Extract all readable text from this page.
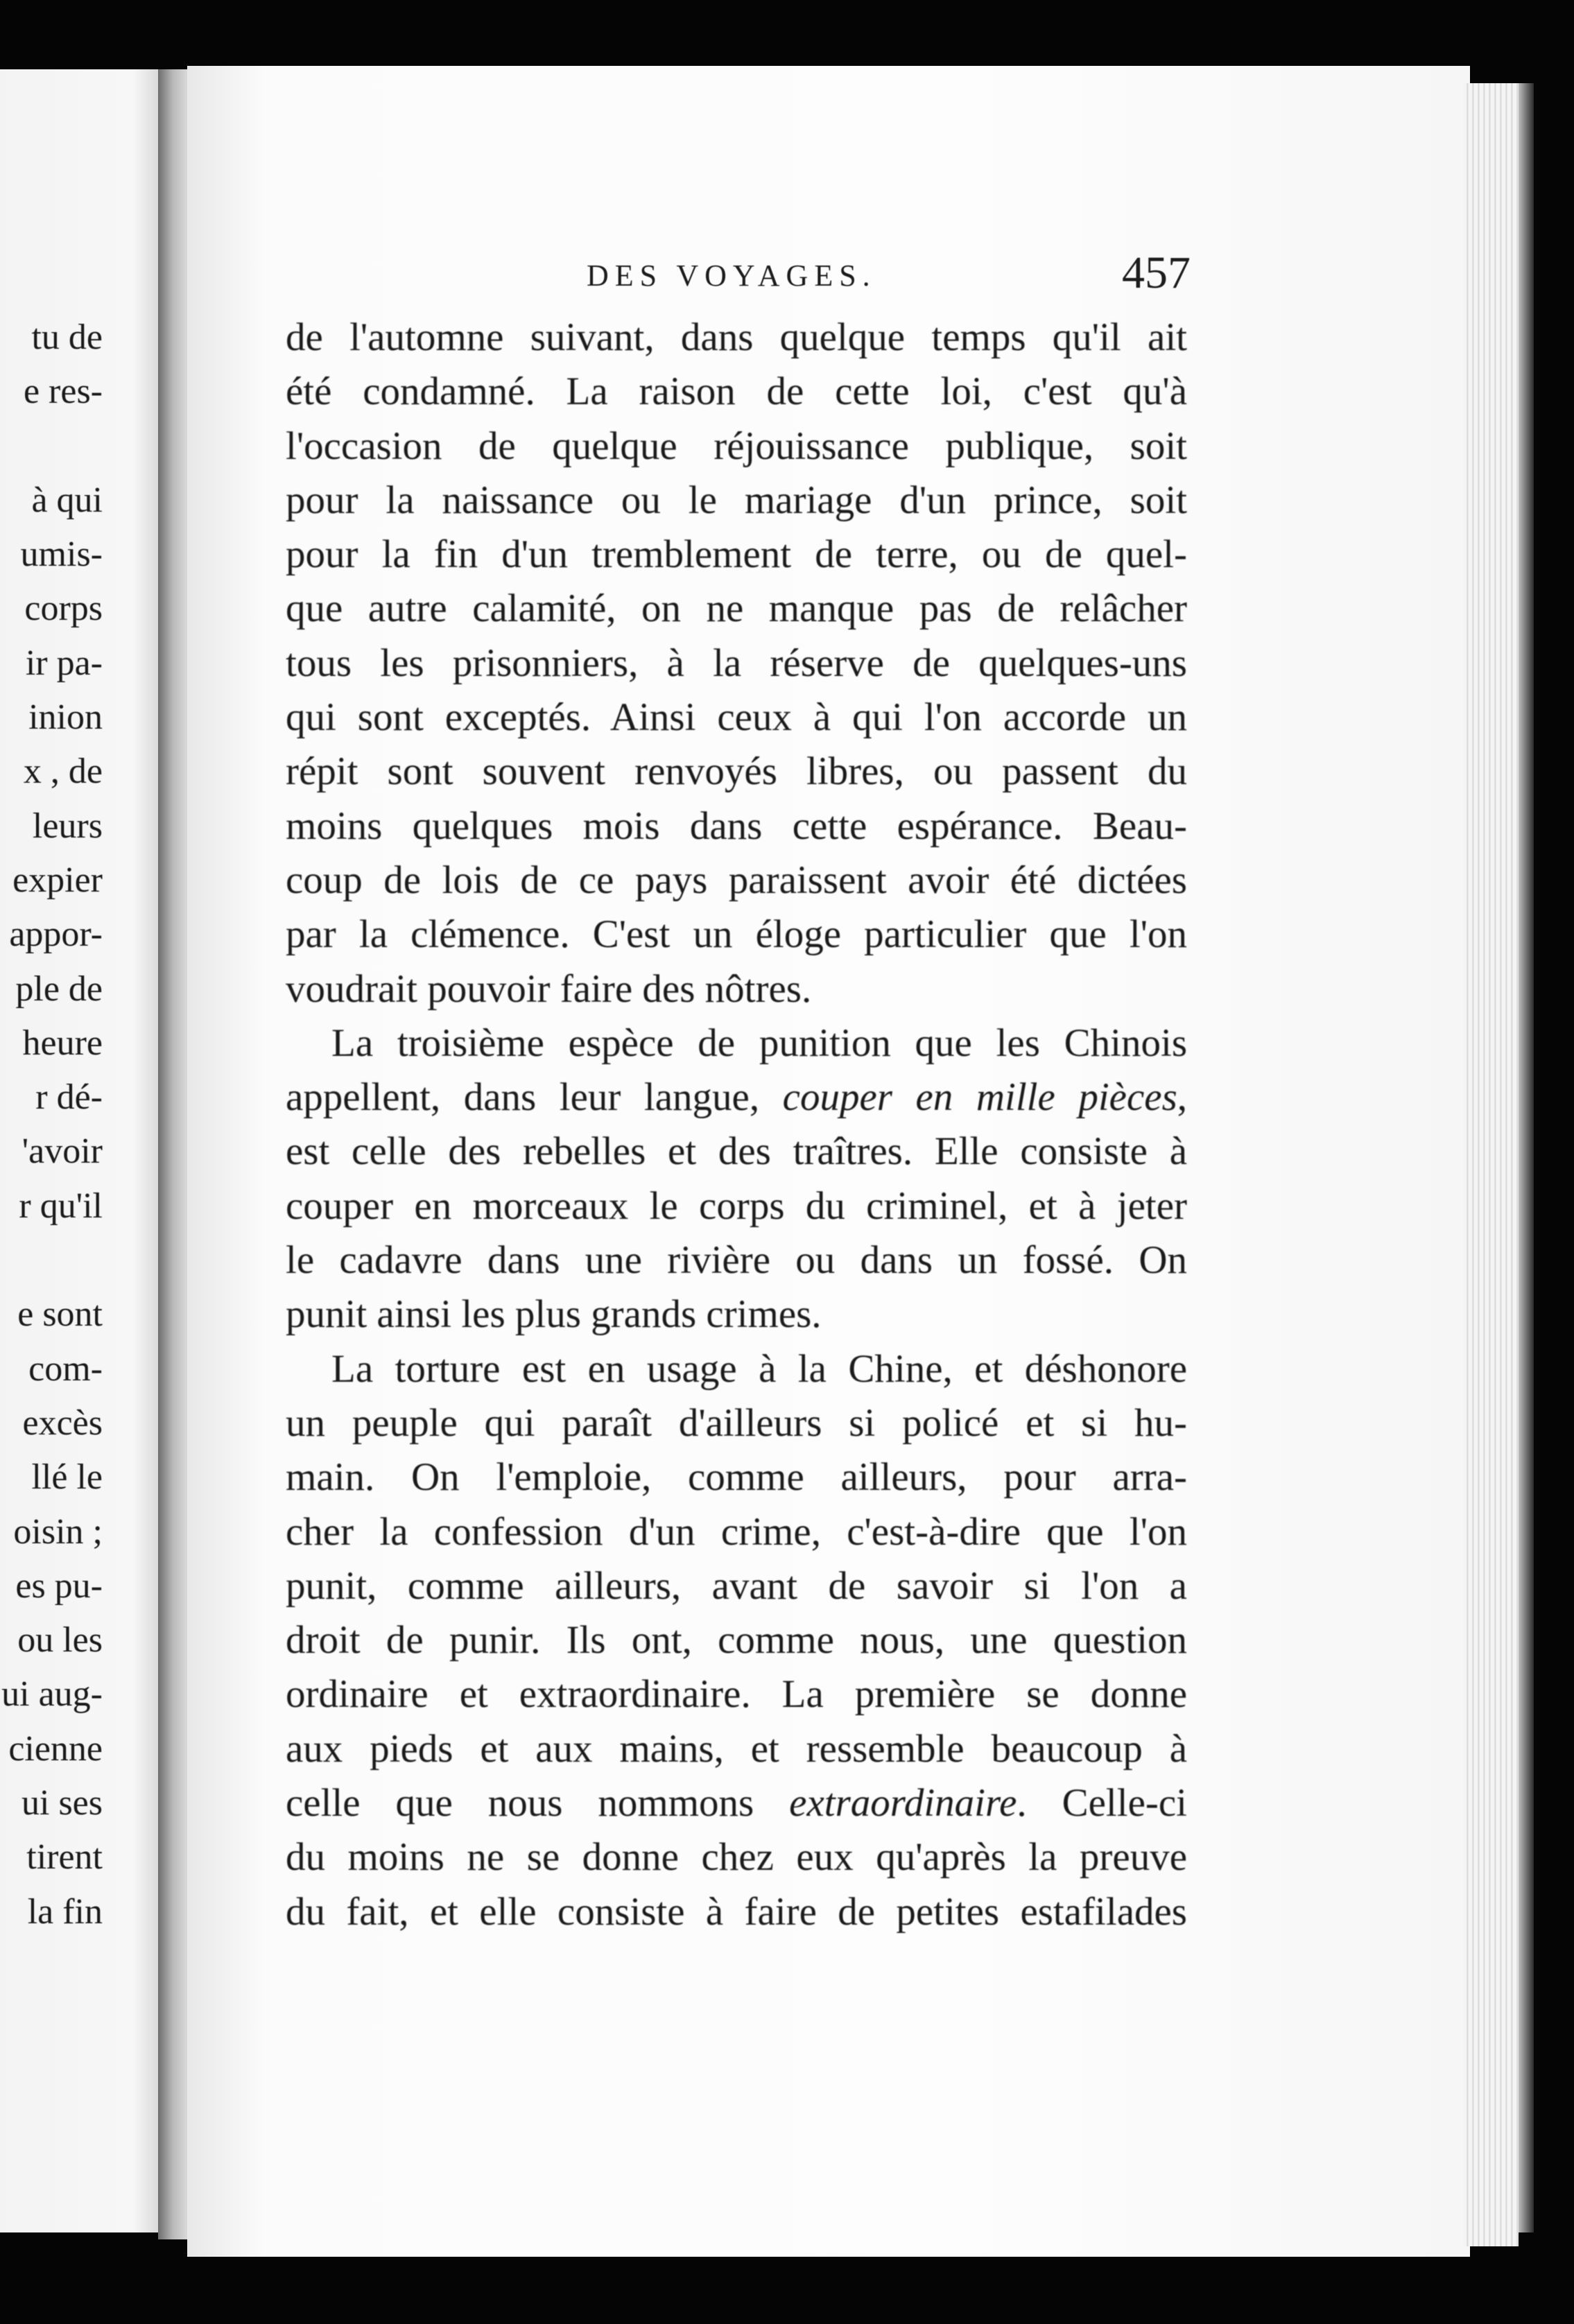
tu de
e res-
à qui
umis-
corps
ir pa-
inion
x , de
leurs
expier
appor-
ple de
heure
r dé-
'avoir
r qu'il
e sont
com-
excès
llé le
oisin ;
es pu-
ou les
ui aug-
cienne
ui ses
tirent
la fin
DES VOYAGES.	457
de l'automne suivant, dans quelque temps qu'il ait
été condamné. La raison de cette loi, c'est qu'à
l'occasion de quelque réjouissance publique, soit
pour la naissance ou le mariage d'un prince, soit
pour la fin d'un tremblement de terre, ou de quel-
que autre calamité, on ne manque pas de relâcher
tous les prisonniers, à la réserve de quelques-uns
qui sont exceptés. Ainsi ceux à qui l'on accorde un
répit sont souvent renvoyés libres, ou passent du
moins quelques mois dans cette espérance. Beau-
coup de lois de ce pays paraissent avoir été dictées
par la clémence. C'est un éloge particulier que l'on
voudrait pouvoir faire des nôtres.
La troisième espèce de punition que les Chinois
appellent, dans leur langue, couper en mille pièces,
est celle des rebelles et des traîtres. Elle consiste à
couper en morceaux le corps du criminel, et à jeter
le cadavre dans une rivière ou dans un fossé. On
punit ainsi les plus grands crimes.
La torture est en usage à la Chine, et déshonore
un peuple qui paraît d'ailleurs si policé et si hu-
main. On l'emploie, comme ailleurs, pour arra-
cher la confession d'un crime, c'est-à-dire que l'on
punit, comme ailleurs, avant de savoir si l'on a
droit de punir. Ils ont, comme nous, une question
ordinaire et extraordinaire. La première se donne
aux pieds et aux mains, et ressemble beaucoup à
celle que nous nommons extraordinaire. Celle-ci
du moins ne se donne chez eux qu'après la preuve
du fait, et elle consiste à faire de petites estafilades
